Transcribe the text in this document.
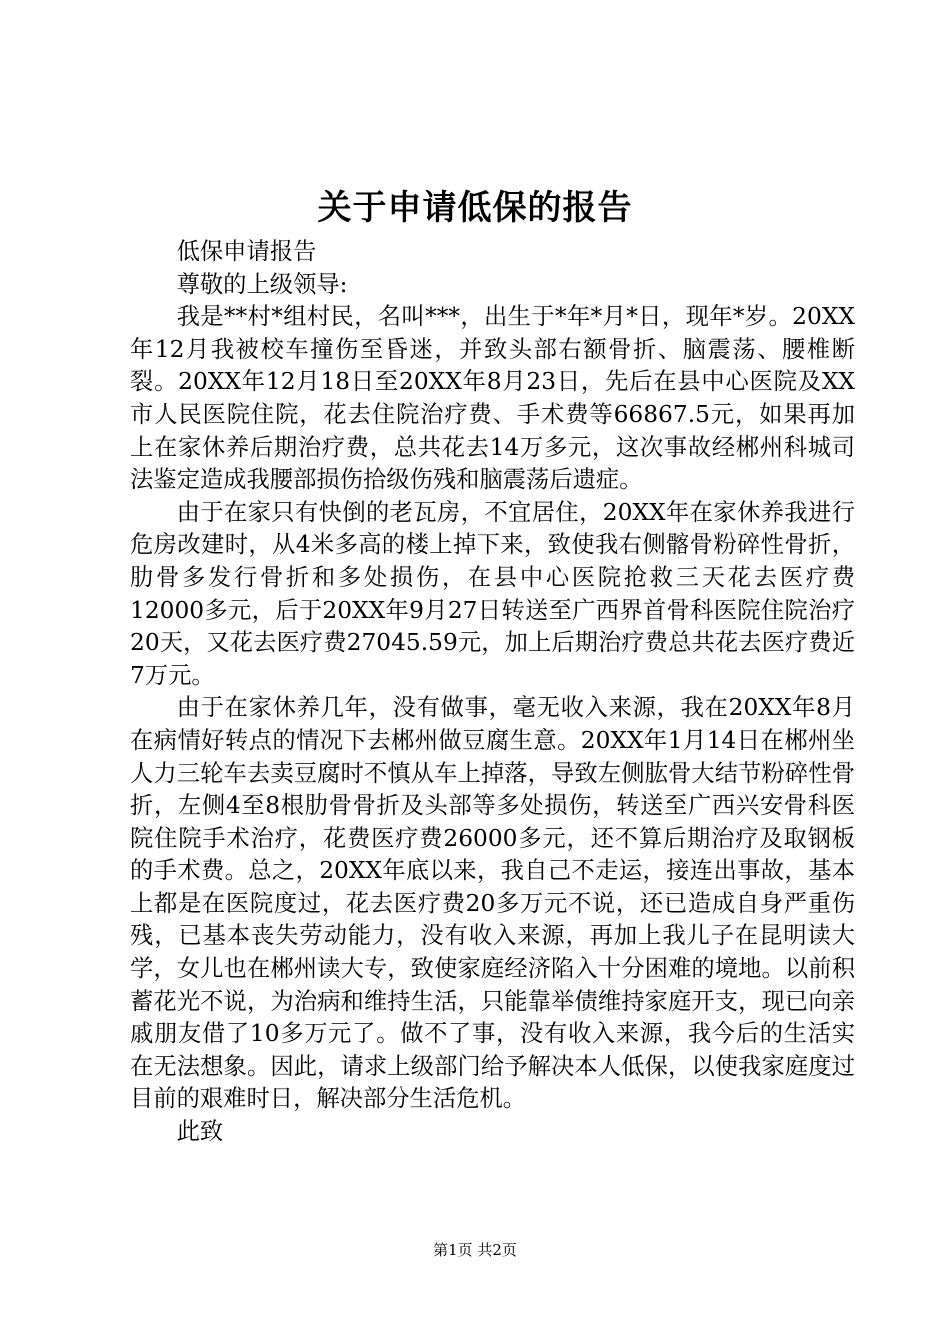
关于申请低保的报告

低保申请报告

尊敬的上级领导:

我是**村*组村民，名叫***，出生于*年*月*日，现年*岁。20XX年12月我被校车撞伤至昏迷，并致头部右额骨折、脑震荡、腰椎断裂。20XX年12月18日至20XX年8月23日，先后在县中心医院及XX市人民医院住院，花去住院治疗费、手术费等66867.5元，如果再加上在家休养后期治疗费，总共花去14万多元，这次事故经郴州科城司法鉴定造成我腰部损伤拾级伤残和脑震荡后遗症。

由于在家只有快倒的老瓦房，不宜居住，20XX年在家休养我进行危房改建时，从4米多高的楼上掉下来，致使我右侧髂骨粉碎性骨折，肋骨多发行骨折和多处损伤，在县中心医院抢救三天花去医疗费12000多元，后于20XX年9月27日转送至广西界首骨科医院住院治疗20天，又花去医疗费27045.59元，加上后期治疗费总共花去医疗费近7万元。

由于在家休养几年，没有做事，毫无收入来源，我在20XX年8月在病情好转点的情况下去郴州做豆腐生意。20XX年1月14日在郴州坐人力三轮车去卖豆腐时不慎从车上掉落，导致左侧肱骨大结节粉碎性骨折，左侧4至8根肋骨骨折及头部等多处损伤，转送至广西兴安骨科医院住院手术治疗，花费医疗费26000多元，还不算后期治疗及取钢板的手术费。总之，20XX年底以来，我自己不走运，接连出事故，基本上都是在医院度过，花去医疗费20多万元不说，还已造成自身严重伤残，已基本丧失劳动能力，没有收入来源，再加上我儿子在昆明读大学，女儿也在郴州读大专，致使家庭经济陷入十分困难的境地。以前积蓄花光不说，为治病和维持生活，只能靠举债维持家庭开支，现已向亲戚朋友借了10多万元了。做不了事，没有收入来源，我今后的生活实在无法想象。因此，请求上级部门给予解决本人低保，以使我家庭度过目前的艰难时日，解决部分生活危机。

此致

第1页 共2页
